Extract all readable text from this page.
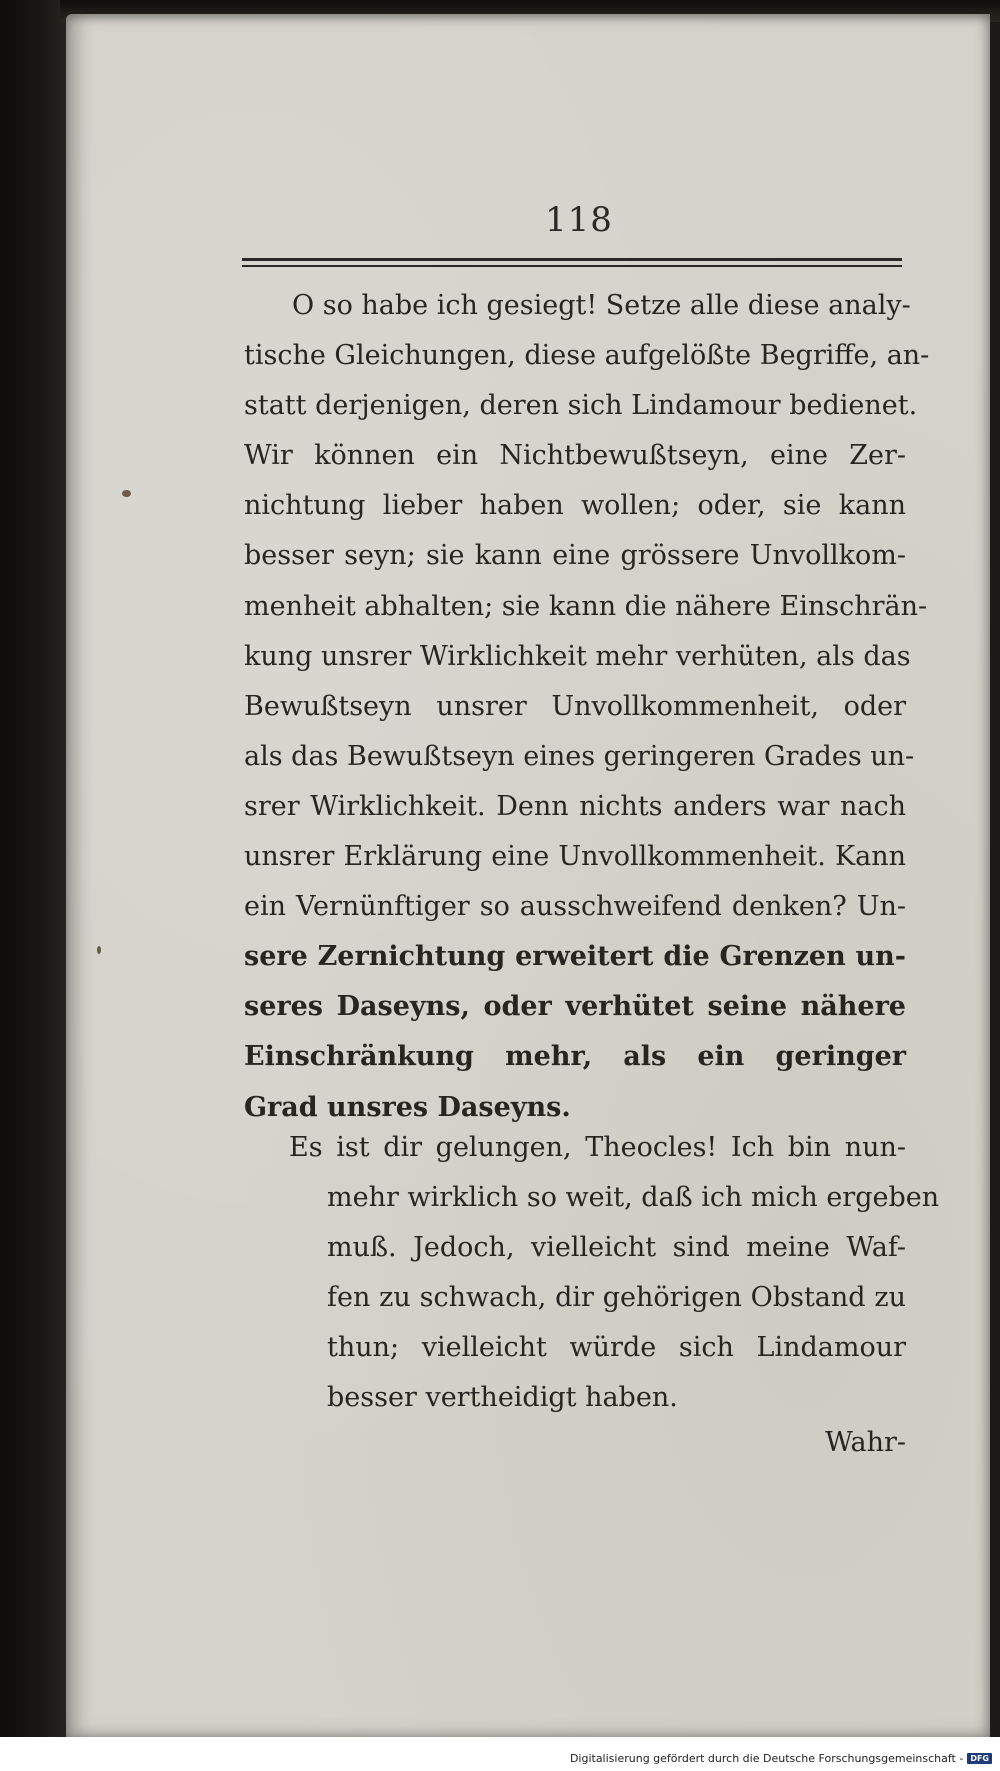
118
O so habe ich gesiegt! Setze alle diese analy-
tische Gleichungen, diese aufgelößte Begriffe, an-
statt derjenigen, deren sich Lindamour bedienet.
Wir können ein Nichtbewußtseyn, eine Zer-
nichtung lieber haben wollen; oder, sie kann
besser seyn; sie kann eine grössere Unvollkom-
menheit abhalten; sie kann die nähere Einschrän-
kung unsrer Wirklichkeit mehr verhüten, als das
Bewußtseyn unsrer Unvollkommenheit, oder
als das Bewußtseyn eines geringeren Grades un-
srer Wirklichkeit. Denn nichts anders war nach
unsrer Erklärung eine Unvollkommenheit. Kann
ein Vernünftiger so ausschweifend denken? Un-
sere Zernichtung erweitert die Grenzen un-
seres Daseyns, oder verhütet seine nähere
Einschränkung mehr, als ein geringer
Grad unsres Daseyns.
Es ist dir gelungen, Theocles! Ich bin nun-
mehr wirklich so weit, daß ich mich ergeben
muß. Jedoch, vielleicht sind meine Waf-
fen zu schwach, dir gehörigen Obstand zu
thun; vielleicht würde sich Lindamour
besser vertheidigt haben.
Wahr-
Digitalisierung gefördert durch die Deutsche Forschungsgemeinschaft - DFG
